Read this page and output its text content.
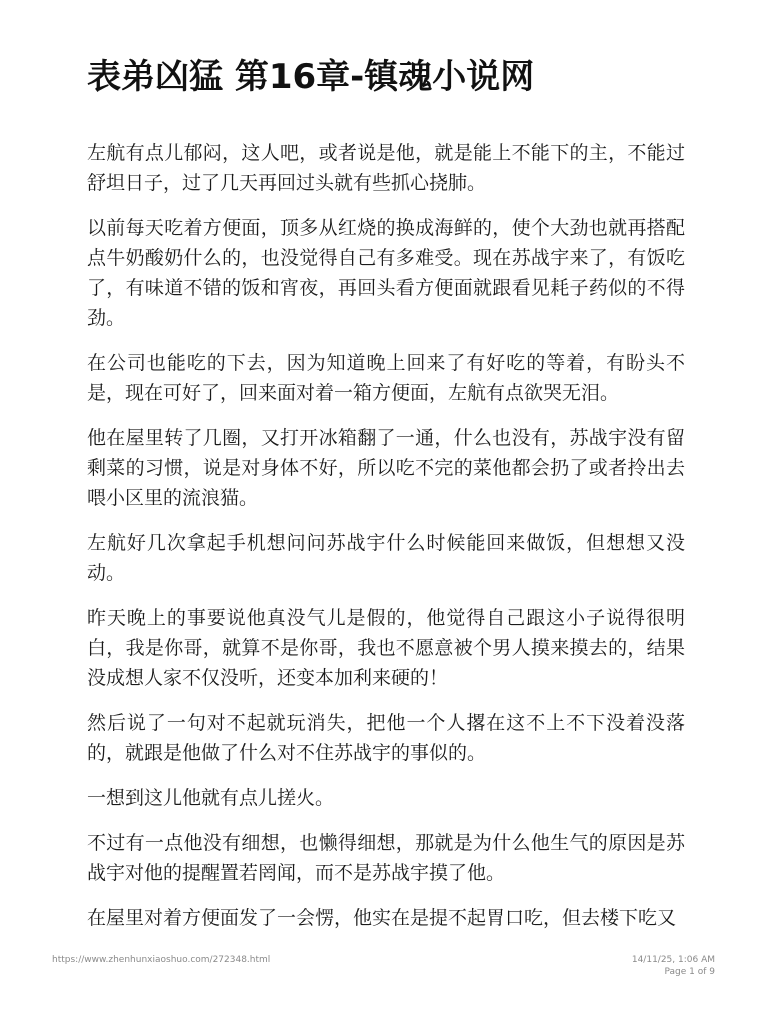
表弟凶猛 第16章-镇魂小说网

左航有点儿郁闷，这人吧，或者说是他，就是能上不能下的主，不能过舒坦日子，过了几天再回过头就有些抓心挠肺。

以前每天吃着方便面，顶多从红烧的换成海鲜的，使个大劲也就再搭配点牛奶酸奶什么的，也没觉得自己有多难受。现在苏战宇来了，有饭吃了，有味道不错的饭和宵夜，再回头看方便面就跟看见耗子药似的不得劲。

在公司也能吃的下去，因为知道晚上回来了有好吃的等着，有盼头不是，现在可好了，回来面对着一箱方便面，左航有点欲哭无泪。

他在屋里转了几圈，又打开冰箱翻了一通，什么也没有，苏战宇没有留剩菜的习惯，说是对身体不好，所以吃不完的菜他都会扔了或者拎出去喂小区里的流浪猫。

左航好几次拿起手机想问问苏战宇什么时候能回来做饭，但想想又没动。

昨天晚上的事要说他真没气儿是假的，他觉得自己跟这小子说得很明白，我是你哥，就算不是你哥，我也不愿意被个男人摸来摸去的，结果没成想人家不仅没听，还变本加利来硬的！

然后说了一句对不起就玩消失，把他一个人撂在这不上不下没着没落的，就跟是他做了什么对不住苏战宇的事似的。

一想到这儿他就有点儿搓火。

不过有一点他没有细想，也懒得细想，那就是为什么他生气的原因是苏战宇对他的提醒置若罔闻，而不是苏战宇摸了他。

在屋里对着方便面发了一会愣，他实在是提不起胃口吃，但去楼下吃又

https://www.zhenhunxiaoshuo.com/272348.html	14/11/25, 1:06 AM
Page 1 of 9
